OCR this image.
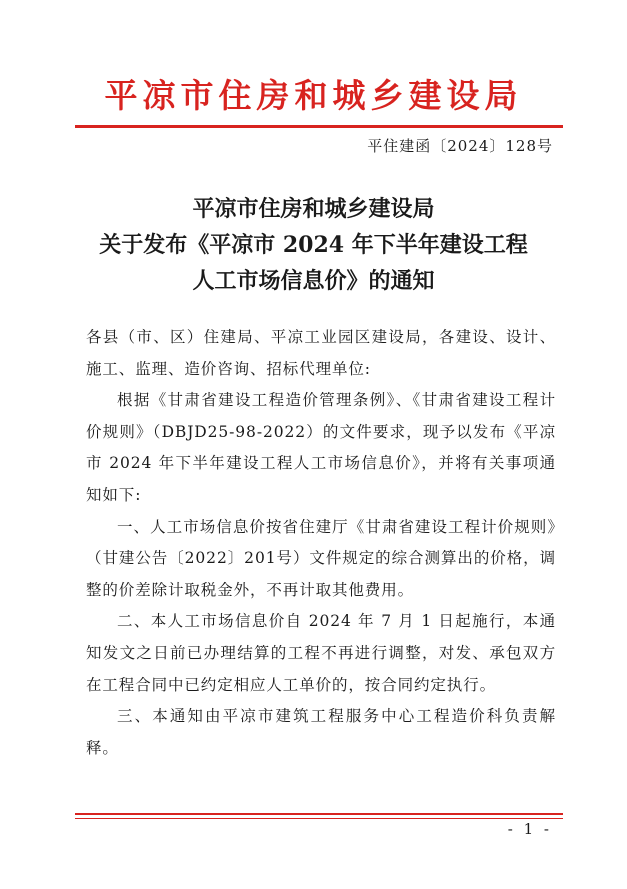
平凉市住房和城乡建设局
平住建函〔2024〕128号
平凉市住房和城乡建设局
关于发布《平凉市 2024 年下半年建设工程
人工市场信息价》的通知

各县（市、区）住建局、平凉工业园区建设局，各建设、设计、施工、监理、造价咨询、招标代理单位:

根据《甘肃省建设工程造价管理条例》、《甘肃省建设工程计价规则》（DBJD25-98-2022）的文件要求，现予以发布《平凉市 2024 年下半年建设工程人工市场信息价》，并将有关事项通知如下:

一、人工市场信息价按省住建厅《甘肃省建设工程计价规则》（甘建公告〔2022〕201号）文件规定的综合测算出的价格，调整的价差除计取税金外，不再计取其他费用。

二、本人工市场信息价自 2024 年 7 月 1 日起施行，本通知发文之日前已办理结算的工程不再进行调整，对发、承包双方在工程合同中已约定相应人工单价的，按合同约定执行。

三、本通知由平凉市建筑工程服务中心工程造价科负责解释。

- 1 -
